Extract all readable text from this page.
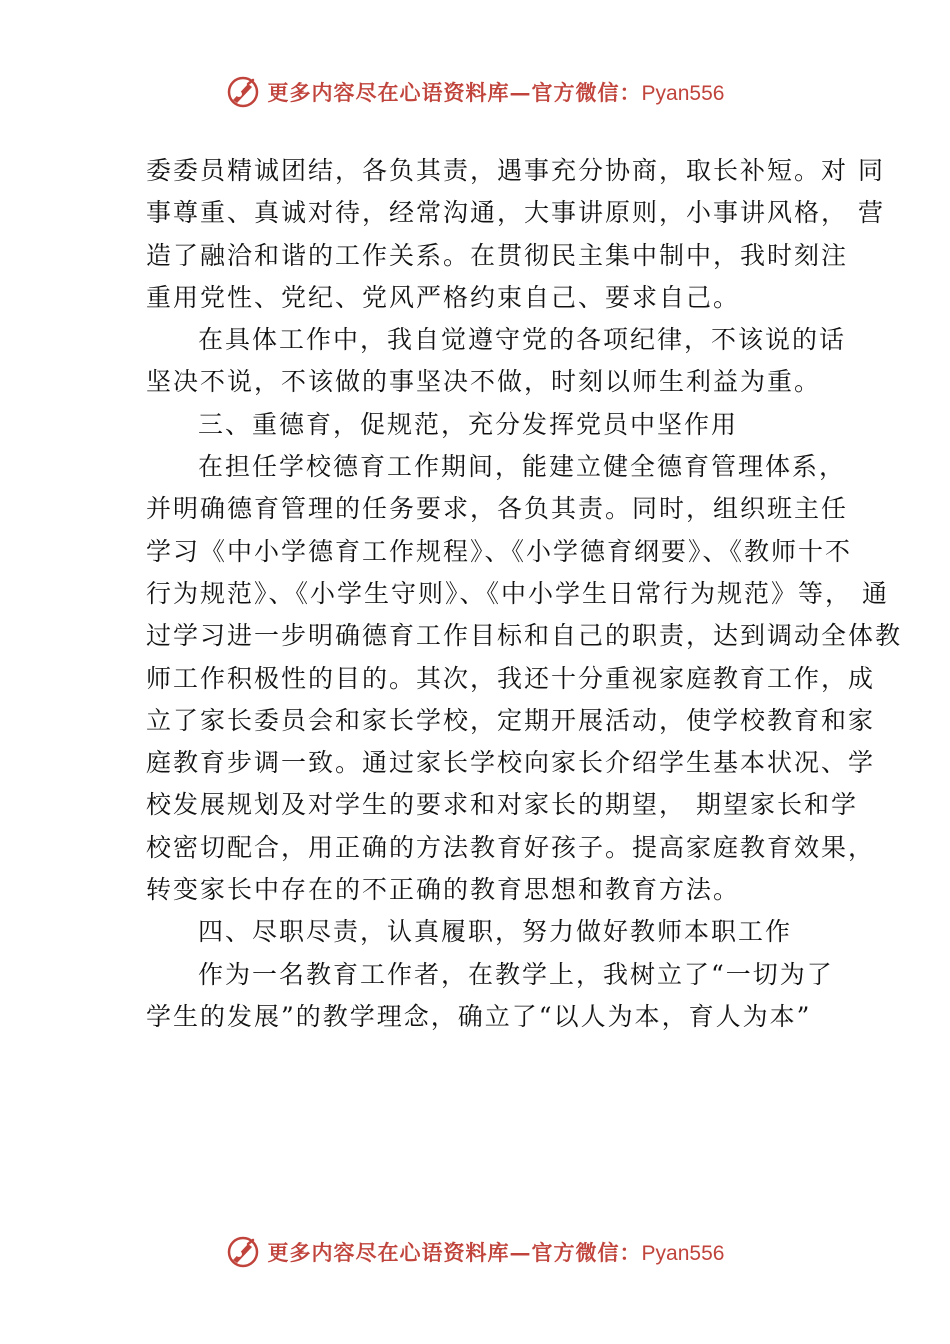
更多内容尽在心语资料库—官方微信：Pyan556
委委员精诚团结，各负其责，遇事充分协商，取长补短。对 同
事尊重、真诚对待，经常沟通，大事讲原则，小事讲风格， 营
造了融洽和谐的工作关系。在贯彻民主集中制中，我时刻注
重用党性、党纪、党风严格约束自己、要求自己。
在具体工作中，我自觉遵守党的各项纪律，不该说的话
坚决不说，不该做的事坚决不做，时刻以师生利益为重。
三、重德育，促规范，充分发挥党员中坚作用
在担任学校德育工作期间，能建立健全德育管理体系，
并明确德育管理的任务要求，各负其责。同时，组织班主任
学习《中小学德育工作规程》、《小学德育纲要》、《教师十不
行为规范》、《小学生守则》、《中小学生日常行为规范》等， 通
过学习进一步明确德育工作目标和自己的职责，达到调动全体教
师工作积极性的目的。其次，我还十分重视家庭教育工作，成
立了家长委员会和家长学校，定期开展活动，使学校教育和家
庭教育步调一致。通过家长学校向家长介绍学生基本状况、学
校发展规划及对学生的要求和对家长的期望， 期望家长和学
校密切配合，用正确的方法教育好孩子。提高家庭教育效果，
转变家长中存在的不正确的教育思想和教育方法。
四、尽职尽责，认真履职，努力做好教师本职工作
作为一名教育工作者，在教学上，我树立了“一切为了
学生的发展”的教学理念，确立了“以人为本，育人为本”
更多内容尽在心语资料库—官方微信：Pyan556
